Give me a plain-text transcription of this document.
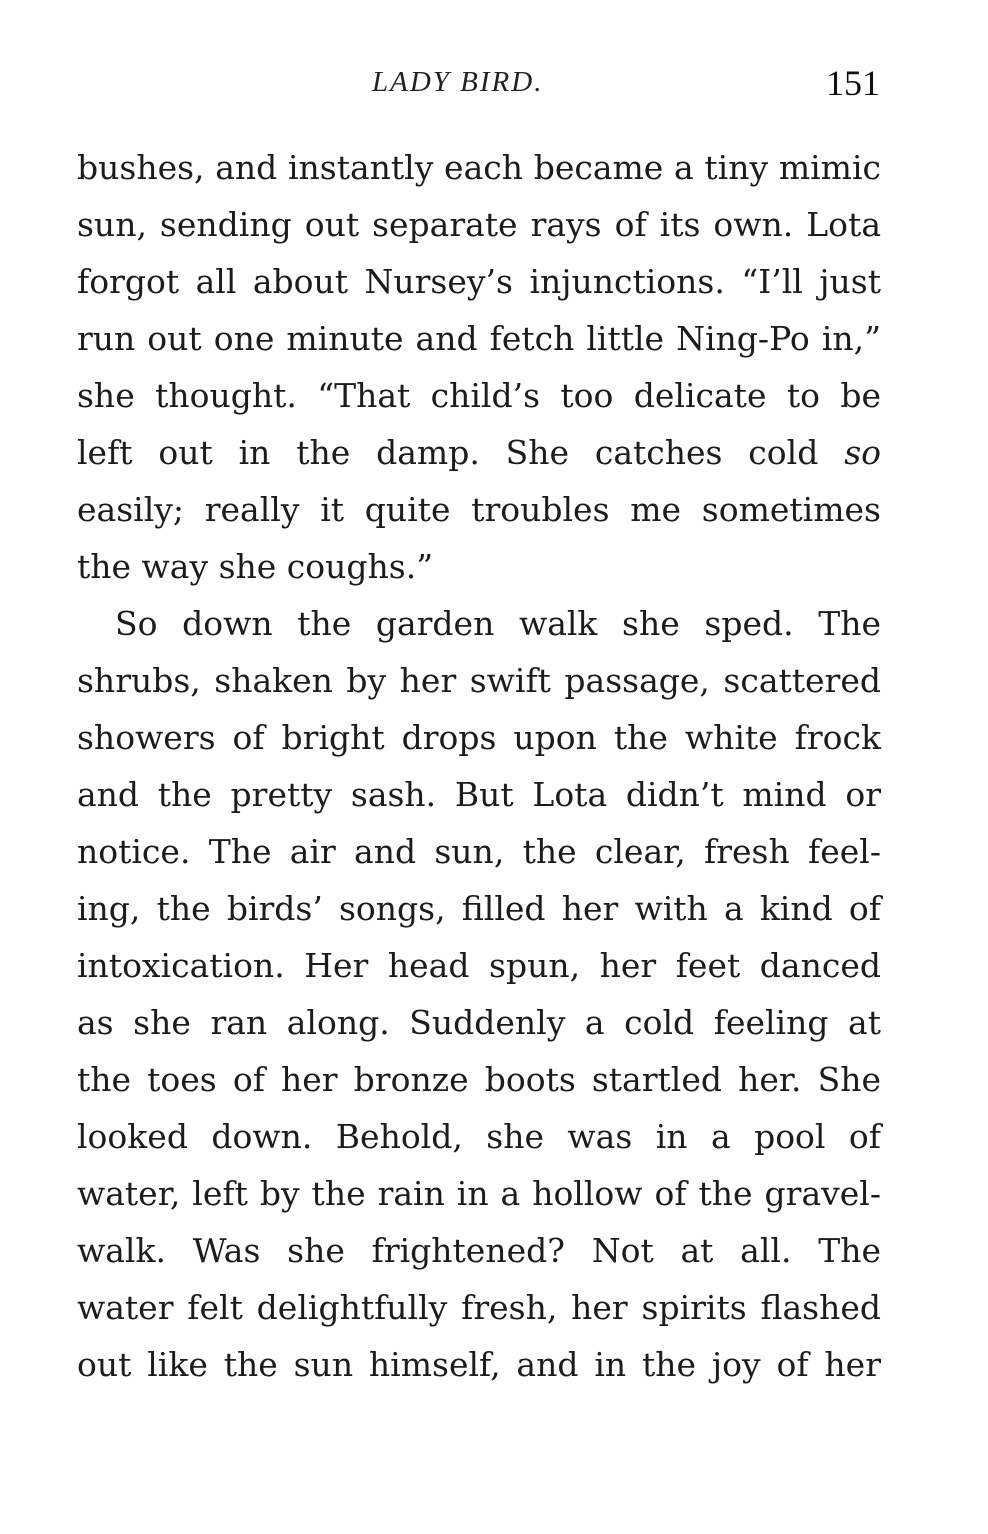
LADY BIRD.	151
bushes, and instantly each became a tiny mimic
sun, sending out separate rays of its own. Lota
forgot all about Nursey’s injunctions. “I’ll just
run out one minute and fetch little Ning-Po in,”
she thought. “That child’s too delicate to be
left out in the damp. She catches cold so
easily; really it quite troubles me sometimes
the way she coughs.”
So down the garden walk she sped. The
shrubs, shaken by her swift passage, scattered
showers of bright drops upon the white frock
and the pretty sash. But Lota didn’t mind or
notice. The air and sun, the clear, fresh feel-
ing, the birds’ songs, filled her with a kind of
intoxication. Her head spun, her feet danced
as she ran along. Suddenly a cold feeling at
the toes of her bronze boots startled her. She
looked down. Behold, she was in a pool of
water, left by the rain in a hollow of the gravel-
walk. Was she frightened? Not at all. The
water felt delightfully fresh, her spirits flashed
out like the sun himself, and in the joy of her
